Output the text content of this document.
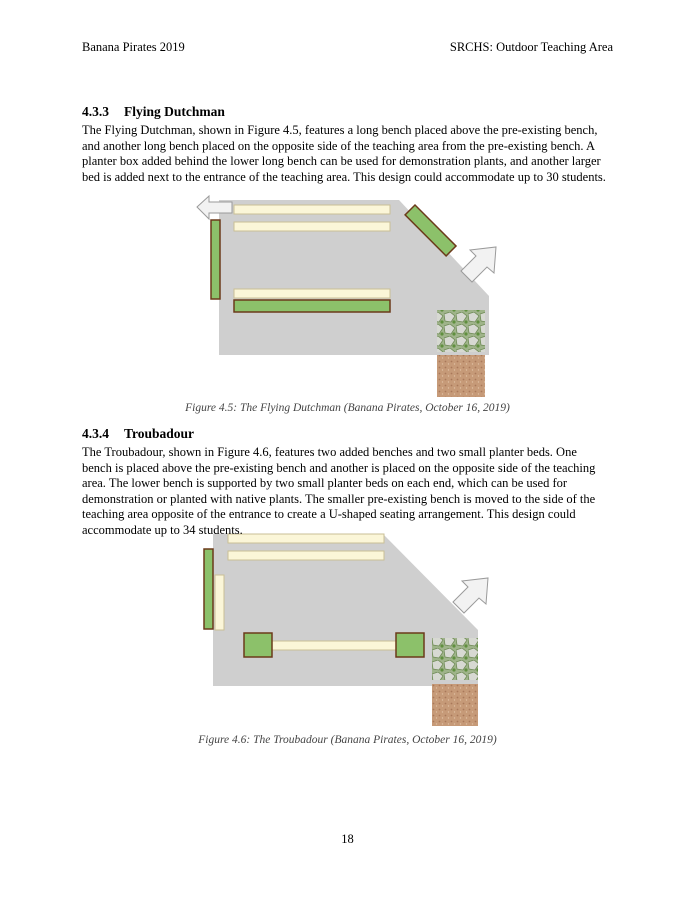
Banana Pirates 2019	SRCHS: Outdoor Teaching Area
4.3.3 Flying Dutchman

The Flying Dutchman, shown in Figure 4.5, features a long bench placed above the pre-existing bench,
and another long bench placed on the opposite side of the teaching area from the pre-existing bench. A
planter box added behind the lower long bench can be used for demonstration plants, and another larger
bed is added next to the entrance of the teaching area. This design could accommodate up to 30 students.

Figure 4.5: The Flying Dutchman (Banana Pirates, October 16, 2019)
4.3.4 Troubadour

The Troubadour, shown in Figure 4.6, features two added benches and two small planter beds. One
bench is placed above the pre-existing bench and another is placed on the opposite side of the teaching
area. The lower bench is supported by two small planter beds on each end, which can be used for
demonstration or planted with native plants. The smaller pre-existing bench is moved to the side of the
teaching area opposite of the entrance to create a U-shaped seating arrangement. This design could
accommodate up to 34 students.

Figure 4.6: The Troubadour (Banana Pirates, October 16, 2019)
18
